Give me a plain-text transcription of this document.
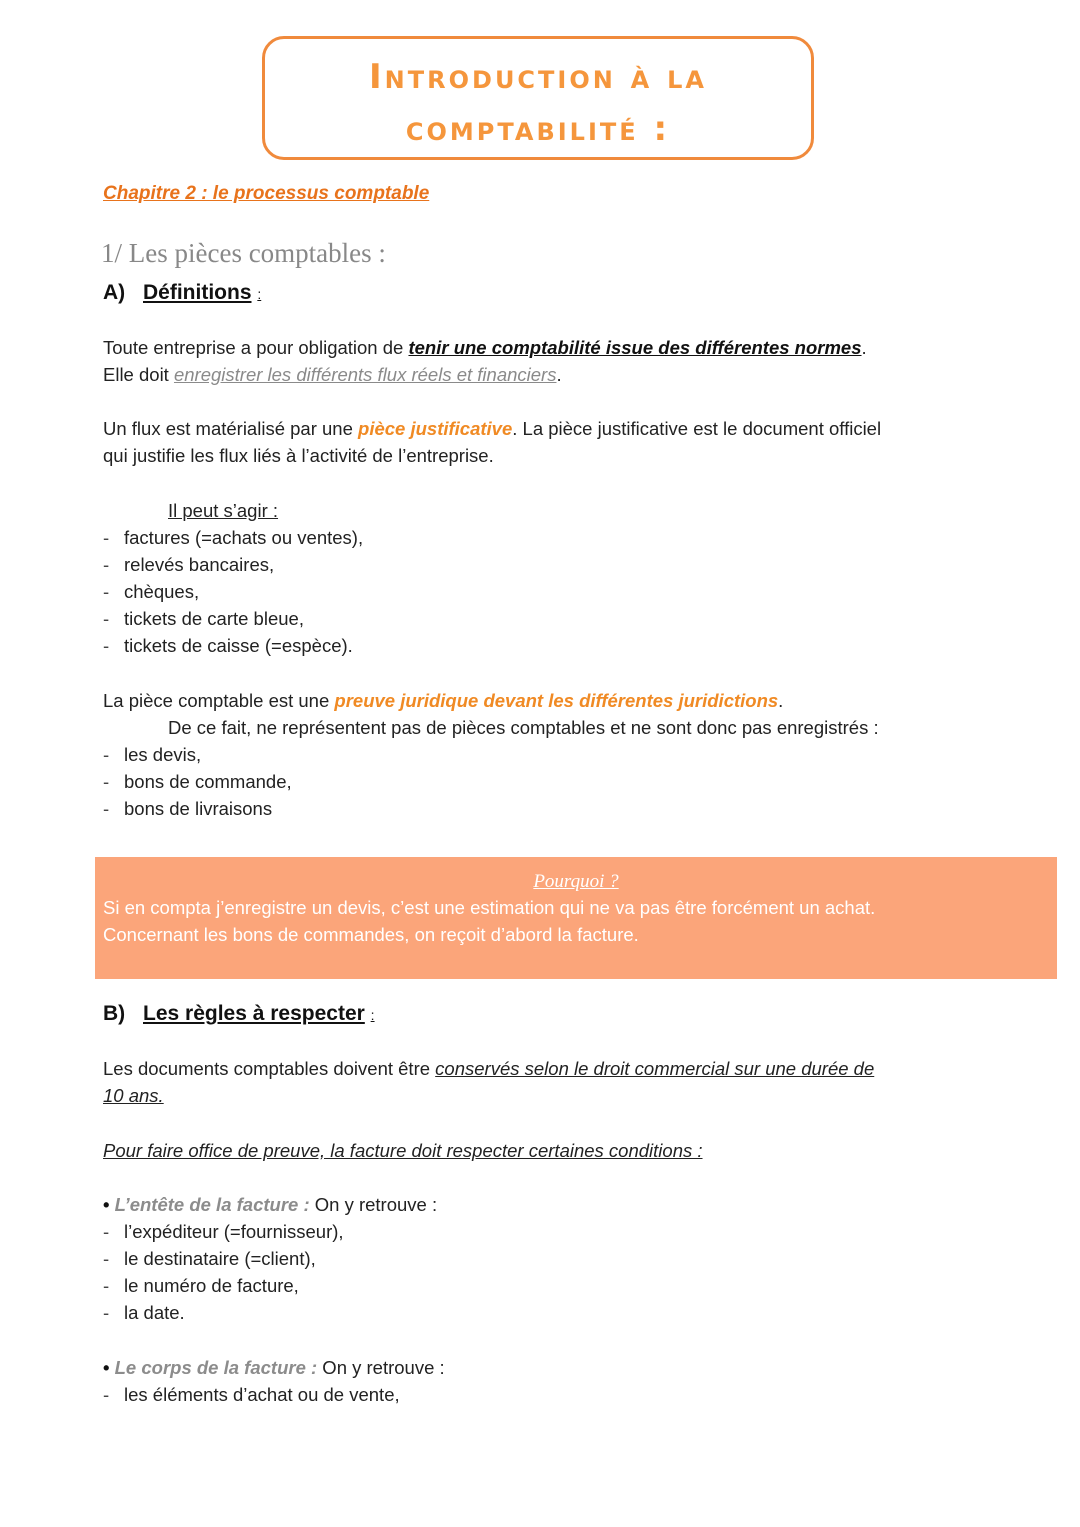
Introduction à la
comptabilité :
Chapitre 2 : le processus comptable
1/ Les pièces comptables :
A) Définitions :
Toute entreprise a pour obligation de tenir une comptabilité issue des différentes normes.
Elle doit enregistrer les différents flux réels et financiers.
Un flux est matérialisé par une pièce justificative. La pièce justificative est le document officiel
qui justifie les flux liés à l’activité de l’entreprise.
Il peut s’agir :
- factures (=achats ou ventes),
- relevés bancaires,
- chèques,
- tickets de carte bleue,
- tickets de caisse (=espèce).
La pièce comptable est une preuve juridique devant les différentes juridictions.
De ce fait, ne représentent pas de pièces comptables et ne sont donc pas enregistrés :
- les devis,
- bons de commande,
- bons de livraisons
Pourquoi ?
Si en compta j’enregistre un devis, c’est une estimation qui ne va pas être forcément un achat.
Concernant les bons de commandes, on reçoit d’abord la facture.
B) Les règles à respecter :
Les documents comptables doivent être conservés selon le droit commercial sur une durée de
10 ans.
Pour faire office de preuve, la facture doit respecter certaines conditions :
• L’entête de la facture : On y retrouve :
- l’expéditeur (=fournisseur),
- le destinataire (=client),
- le numéro de facture,
- la date.
• Le corps de la facture : On y retrouve :
- les éléments d’achat ou de vente,
